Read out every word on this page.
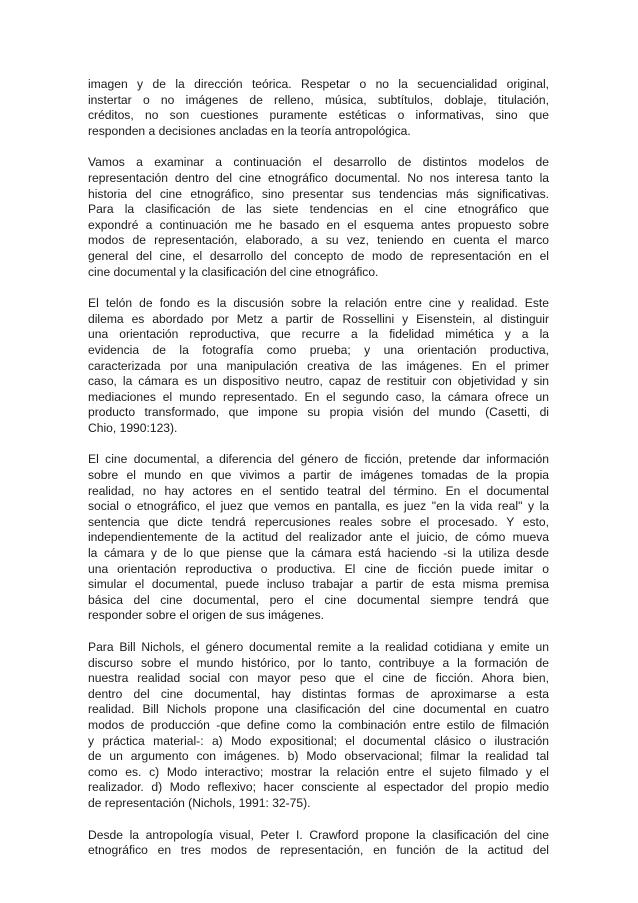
imagen y de la dirección teórica. Respetar o no la secuencialidad original,
instertar o no imágenes de relleno, música, subtítulos, doblaje, titulación,
créditos, no son cuestiones puramente estéticas o informativas, sino que
responden a decisiones ancladas en la teoría antropológica.

Vamos a examinar a continuación el desarrollo de distintos modelos de
representación dentro del cine etnográfico documental. No nos interesa tanto la
historia del cine etnográfico, sino presentar sus tendencias más significativas.
Para la clasificación de las siete tendencias en el cine etnográfico que
expondré a continuación me he basado en el esquema antes propuesto sobre
modos de representación, elaborado, a su vez, teniendo en cuenta el marco
general del cine, el desarrollo del concepto de modo de representación en el
cine documental y la clasificación del cine etnográfico.

El telón de fondo es la discusión sobre la relación entre cine y realidad. Este
dilema es abordado por Metz a partir de Rossellini y Eisenstein, al distinguir
una orientación reproductiva, que recurre a la fidelidad mimética y a la
evidencia de la fotografía como prueba; y una orientación productiva,
caracterizada por una manipulación creativa de las imágenes. En el primer
caso, la cámara es un dispositivo neutro, capaz de restituir con objetividad y sin
mediaciones el mundo representado. En el segundo caso, la cámara ofrece un
producto transformado, que impone su propia visión del mundo (Casetti, di
Chio, 1990:123).

El cine documental, a diferencia del género de ficción, pretende dar información
sobre el mundo en que vivimos a partir de imágenes tomadas de la propia
realidad, no hay actores en el sentido teatral del término. En el documental
social o etnográfico, el juez que vemos en pantalla, es juez "en la vida real" y la
sentencia que dicte tendrá repercusiones reales sobre el procesado. Y esto,
independientemente de la actitud del realizador ante el juicio, de cómo mueva
la cámara y de lo que piense que la cámara está haciendo -si la utiliza desde
una orientación reproductiva o productiva. El cine de ficción puede imitar o
simular el documental, puede incluso trabajar a partir de esta misma premisa
básica del cine documental, pero el cine documental siempre tendrá que
responder sobre el origen de sus imágenes.

Para Bill Nichols, el género documental remite a la realidad cotidiana y emite un
discurso sobre el mundo histórico, por lo tanto, contribuye a la formación de
nuestra realidad social con mayor peso que el cine de ficción. Ahora bien,
dentro del cine documental, hay distintas formas de aproximarse a esta
realidad. Bill Nichols propone una clasificación del cine documental en cuatro
modos de producción -que define como la combinación entre estilo de filmación
y práctica material-: a) Modo expositional; el documental clásico o ilustración
de un argumento con imágenes. b) Modo observacional; filmar la realidad tal
como es. c) Modo interactivo; mostrar la relación entre el sujeto filmado y el
realizador. d) Modo reflexivo; hacer consciente al espectador del propio medio
de representación (Nichols, 1991: 32-75).

Desde la antropología visual, Peter I. Crawford propone la clasificación del cine
etnográfico en tres modos de representación, en función de la actitud del
